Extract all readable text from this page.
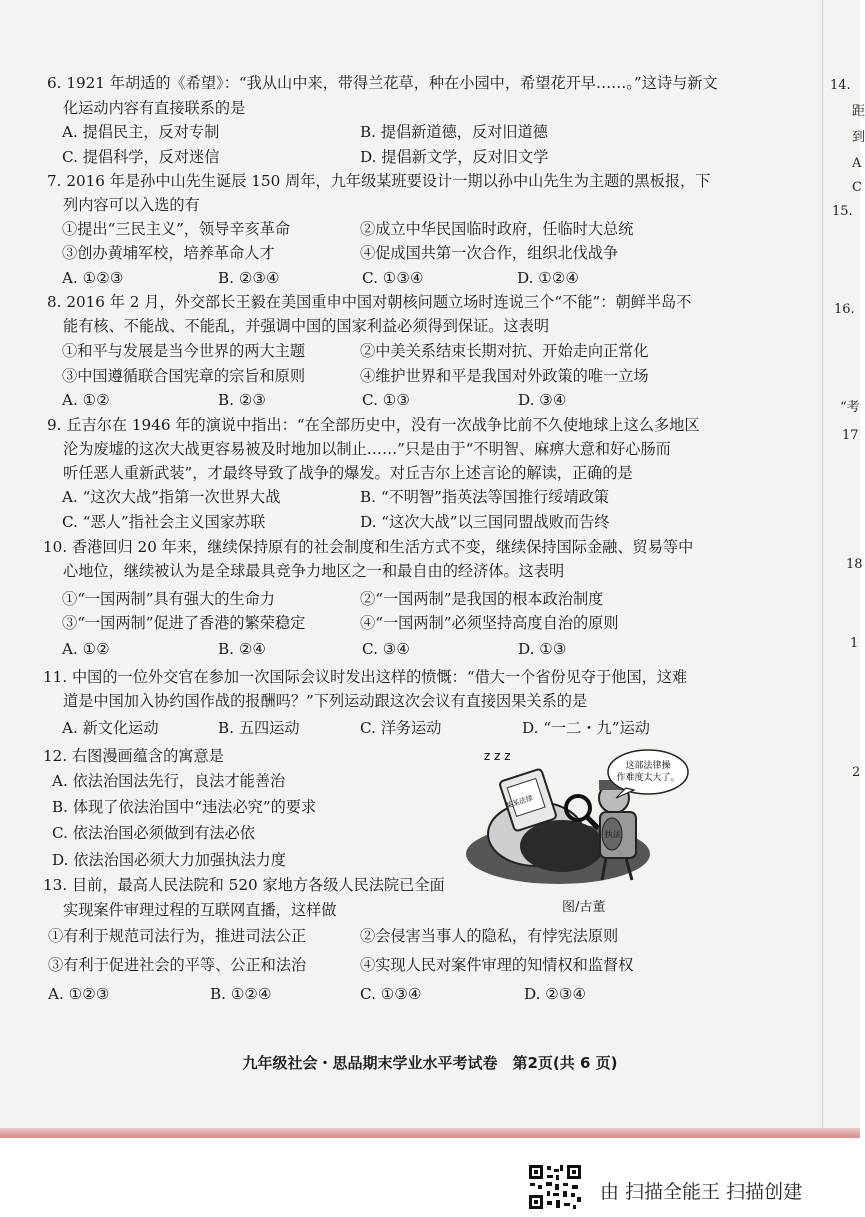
6. 1921 年胡适的《希望》：“我从山中来，带得兰花草，种在小园中，希望花开早……。”这诗与新文
化运动内容有直接联系的是
A. 提倡民主，反对专制	B. 提倡新道德，反对旧道德
C. 提倡科学，反对迷信	D. 提倡新文学，反对旧文学
7. 2016 年是孙中山先生诞辰 150 周年，九年级某班要设计一期以孙中山先生为主题的黑板报，下
列内容可以入选的有
①提出“三民主义”，领导辛亥革命	②成立中华民国临时政府，任临时大总统
③创办黄埔军校，培养革命人才	④促成国共第一次合作，组织北伐战争
A. ①②③	B. ②③④	C. ①③④	D. ①②④
8. 2016 年 2 月，外交部长王毅在美国重申中国对朝核问题立场时连说三个“不能”：朝鲜半岛不
能有核、不能战、不能乱，并强调中国的国家利益必须得到保证。这表明
①和平与发展是当今世界的两大主题	②中美关系结束长期对抗、开始走向正常化
③中国遵循联合国宪章的宗旨和原则	④维护世界和平是我国对外政策的唯一立场
A. ①②	B. ②③	C. ①③	D. ③④
9. 丘吉尔在 1946 年的演说中指出：“在全部历史中，没有一次战争比前不久使地球上这么多地区
沦为废墟的这次大战更容易被及时地加以制止……”只是由于“不明智、麻痹大意和好心肠而
听任恶人重新武装”，才最终导致了战争的爆发。对丘吉尔上述言论的解读，正确的是
A. “这次大战”指第一次世界大战	B. “不明智”指英法等国推行绥靖政策
C. “恶人”指社会主义国家苏联	D. “这次大战”以三国同盟战败而告终
10. 香港回归 20 年来，继续保持原有的社会制度和生活方式不变，继续保持国际金融、贸易等中
心地位，继续被认为是全球最具竞争力地区之一和最自由的经济体。这表明
①“一国两制”具有强大的生命力	②“一国两制”是我国的根本政治制度
③“一国两制”促进了香港的繁荣稳定	④“一国两制”必须坚持高度自治的原则
A. ①②	B. ②④	C. ③④	D. ①③
11. 中国的一位外交官在参加一次国际会议时发出这样的愤慨：“借大一个省份见夺于他国，这难
道是中国加入协约国作战的报酬吗？”下列运动跟这次会议有直接因果关系的是
A. 新文化运动	B. 五四运动	C. 洋务运动	D. “一二・九”运动
12. 右图漫画蕴含的寓意是
A. 依法治国法先行，良法才能善治
B. 体现了依法治国中“违法必究”的要求
C. 依法治国必须做到有法必依
D. 依法治国必须大力加强执法力度
这部法律操
作难度太大了。
某某法律
执法
z z z
图/古董
13. 目前，最高人民法院和 520 家地方各级人民法院已全面
实现案件审理过程的互联网直播，这样做
①有利于规范司法行为，推进司法公正	②会侵害当事人的隐私，有悖宪法原则
③有利于促进社会的平等、公正和法治	④实现人民对案件审理的知情权和监督权
A. ①②③	B. ①②④	C. ①③④	D. ②③④
九年级社会・思品期末学业水平考试卷　第2页(共 6 页)
14.
距
到
A
C
15.
16.
“考
17
18
1
2
由 扫描全能王 扫描创建
